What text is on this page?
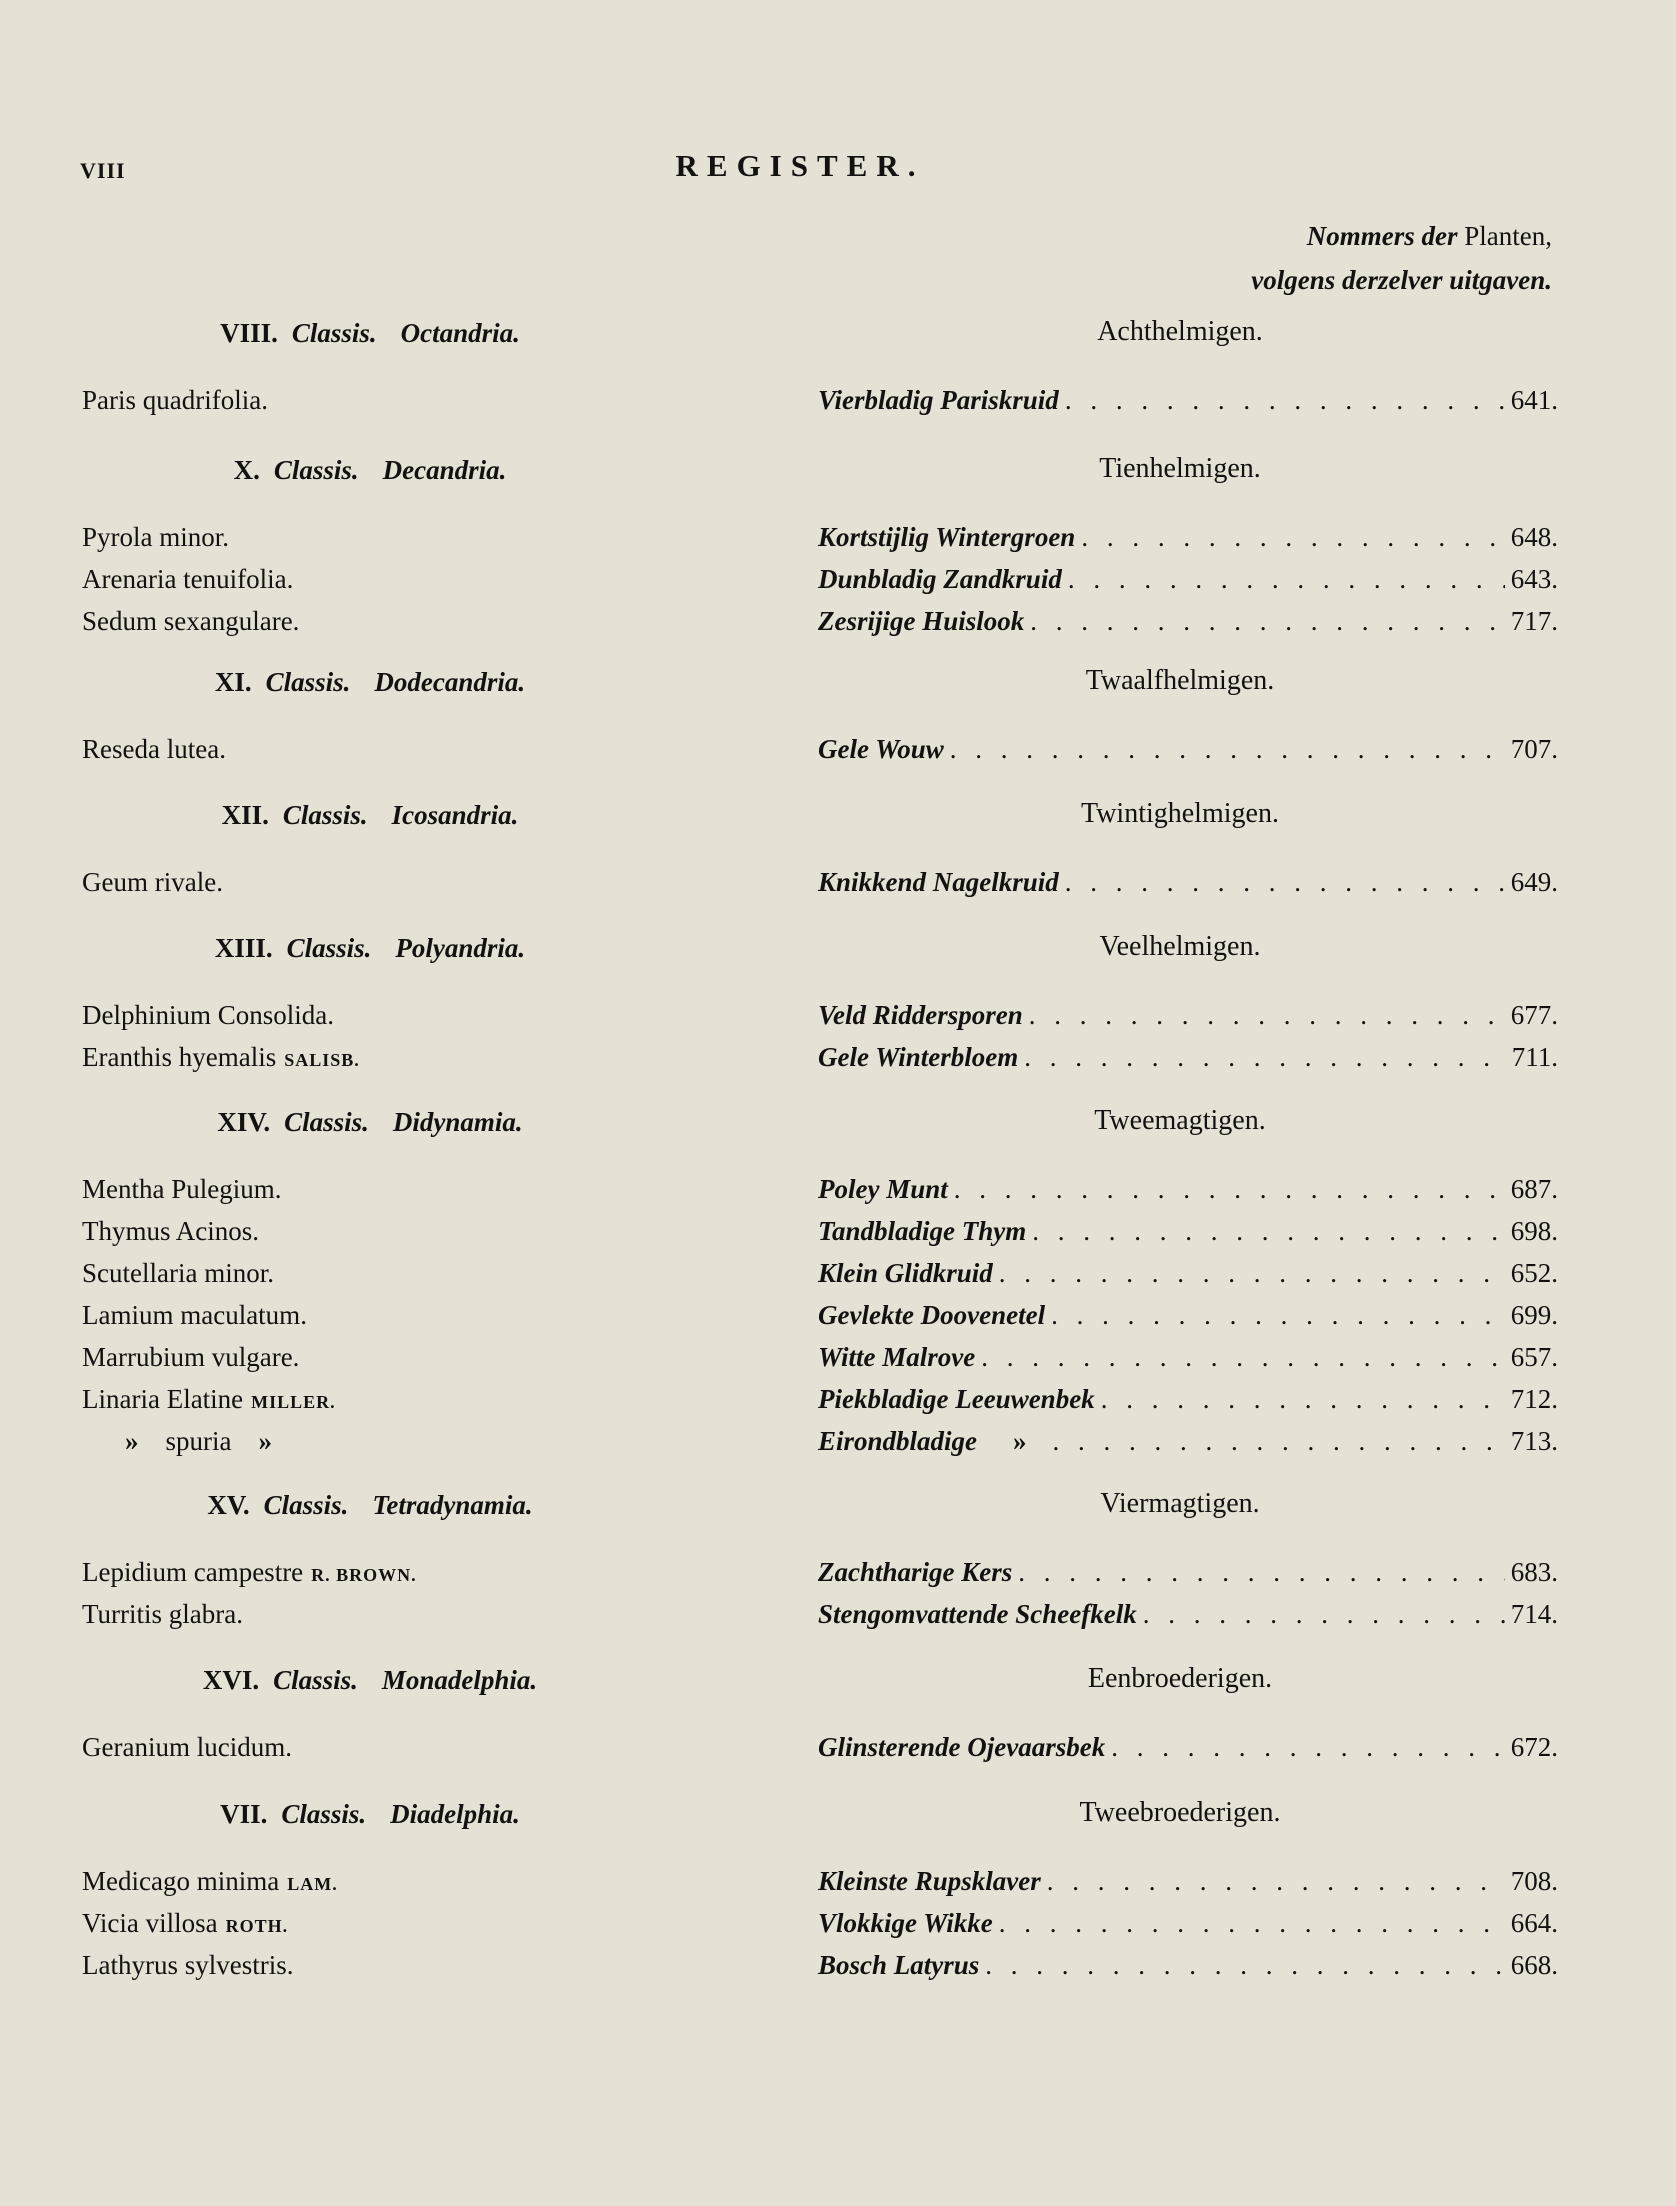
VIII	REGISTER.
Nommers der Planten,
volgens derzelver uitgaven.
VIII. Classis. Octandria.	Achthelmigen.
Paris quadrifolia.	Vierbladig Pariskruid . . .	641.
X. Classis. Decandria.	Tienhelmigen.
Pyrola minor.	Kortstijlig Wintergroen . . .	648.
Arenaria tenuifolia.	Dunbladig Zandkruid . . .	643.
Sedum sexangulare.	Zesrijige Huislook . . .	717.
XI. Classis. Dodecandria.	Twaalfhelmigen.
Reseda lutea.	Gele Wouw . . .	707.
XII. Classis. Icosandria.	Twintighelmigen.
Geum rivale.	Knikkend Nagelkruid . . .	649.
XIII. Classis. Polyandria.	Veelhelmigen.
Delphinium Consolida.	Veld Riddersporen . . .	677.
Eranthis hyemalis SALISB.	Gele Winterbloem . . .	711.
XIV. Classis. Didynamia.	Tweemagtigen.
Mentha Pulegium.	Poley Munt . . .	687.
Thymus Acinos.	Tandbladige Thym . . .	698.
Scutellaria minor.	Klein Glidkruid . . .	652.
Lamium maculatum.	Gevlekte Doovenetel . . .	699.
Marrubium vulgare.	Witte Malrove . . .	657.
Linaria Elatine MILLER.	Piekbladige Leeuwenbek . . .	712.
» spuria »	Eirondbladige » . . .	713.
XV. Classis. Tetradynamia.	Viermagtigen.
Lepidium campestre R. BROWN.	Zachtharige Kers . . .	683.
Turritis glabra.	Stengomvattende Scheefkelk . . .	714.
XVI. Classis. Monadelphia.	Eenbroederigen.
Geranium lucidum.	Glinsterende Ojevaarsbek . . .	672.
VII. Classis. Diadelphia.	Tweebroederigen.
Medicago minima LAM.	Kleinste Rupsklaver . . .	708.
Vicia villosa ROTH.	Vlokkige Wikke . . .	664.
Lathyrus sylvestris.	Bosch Latyrus . . .	668.
